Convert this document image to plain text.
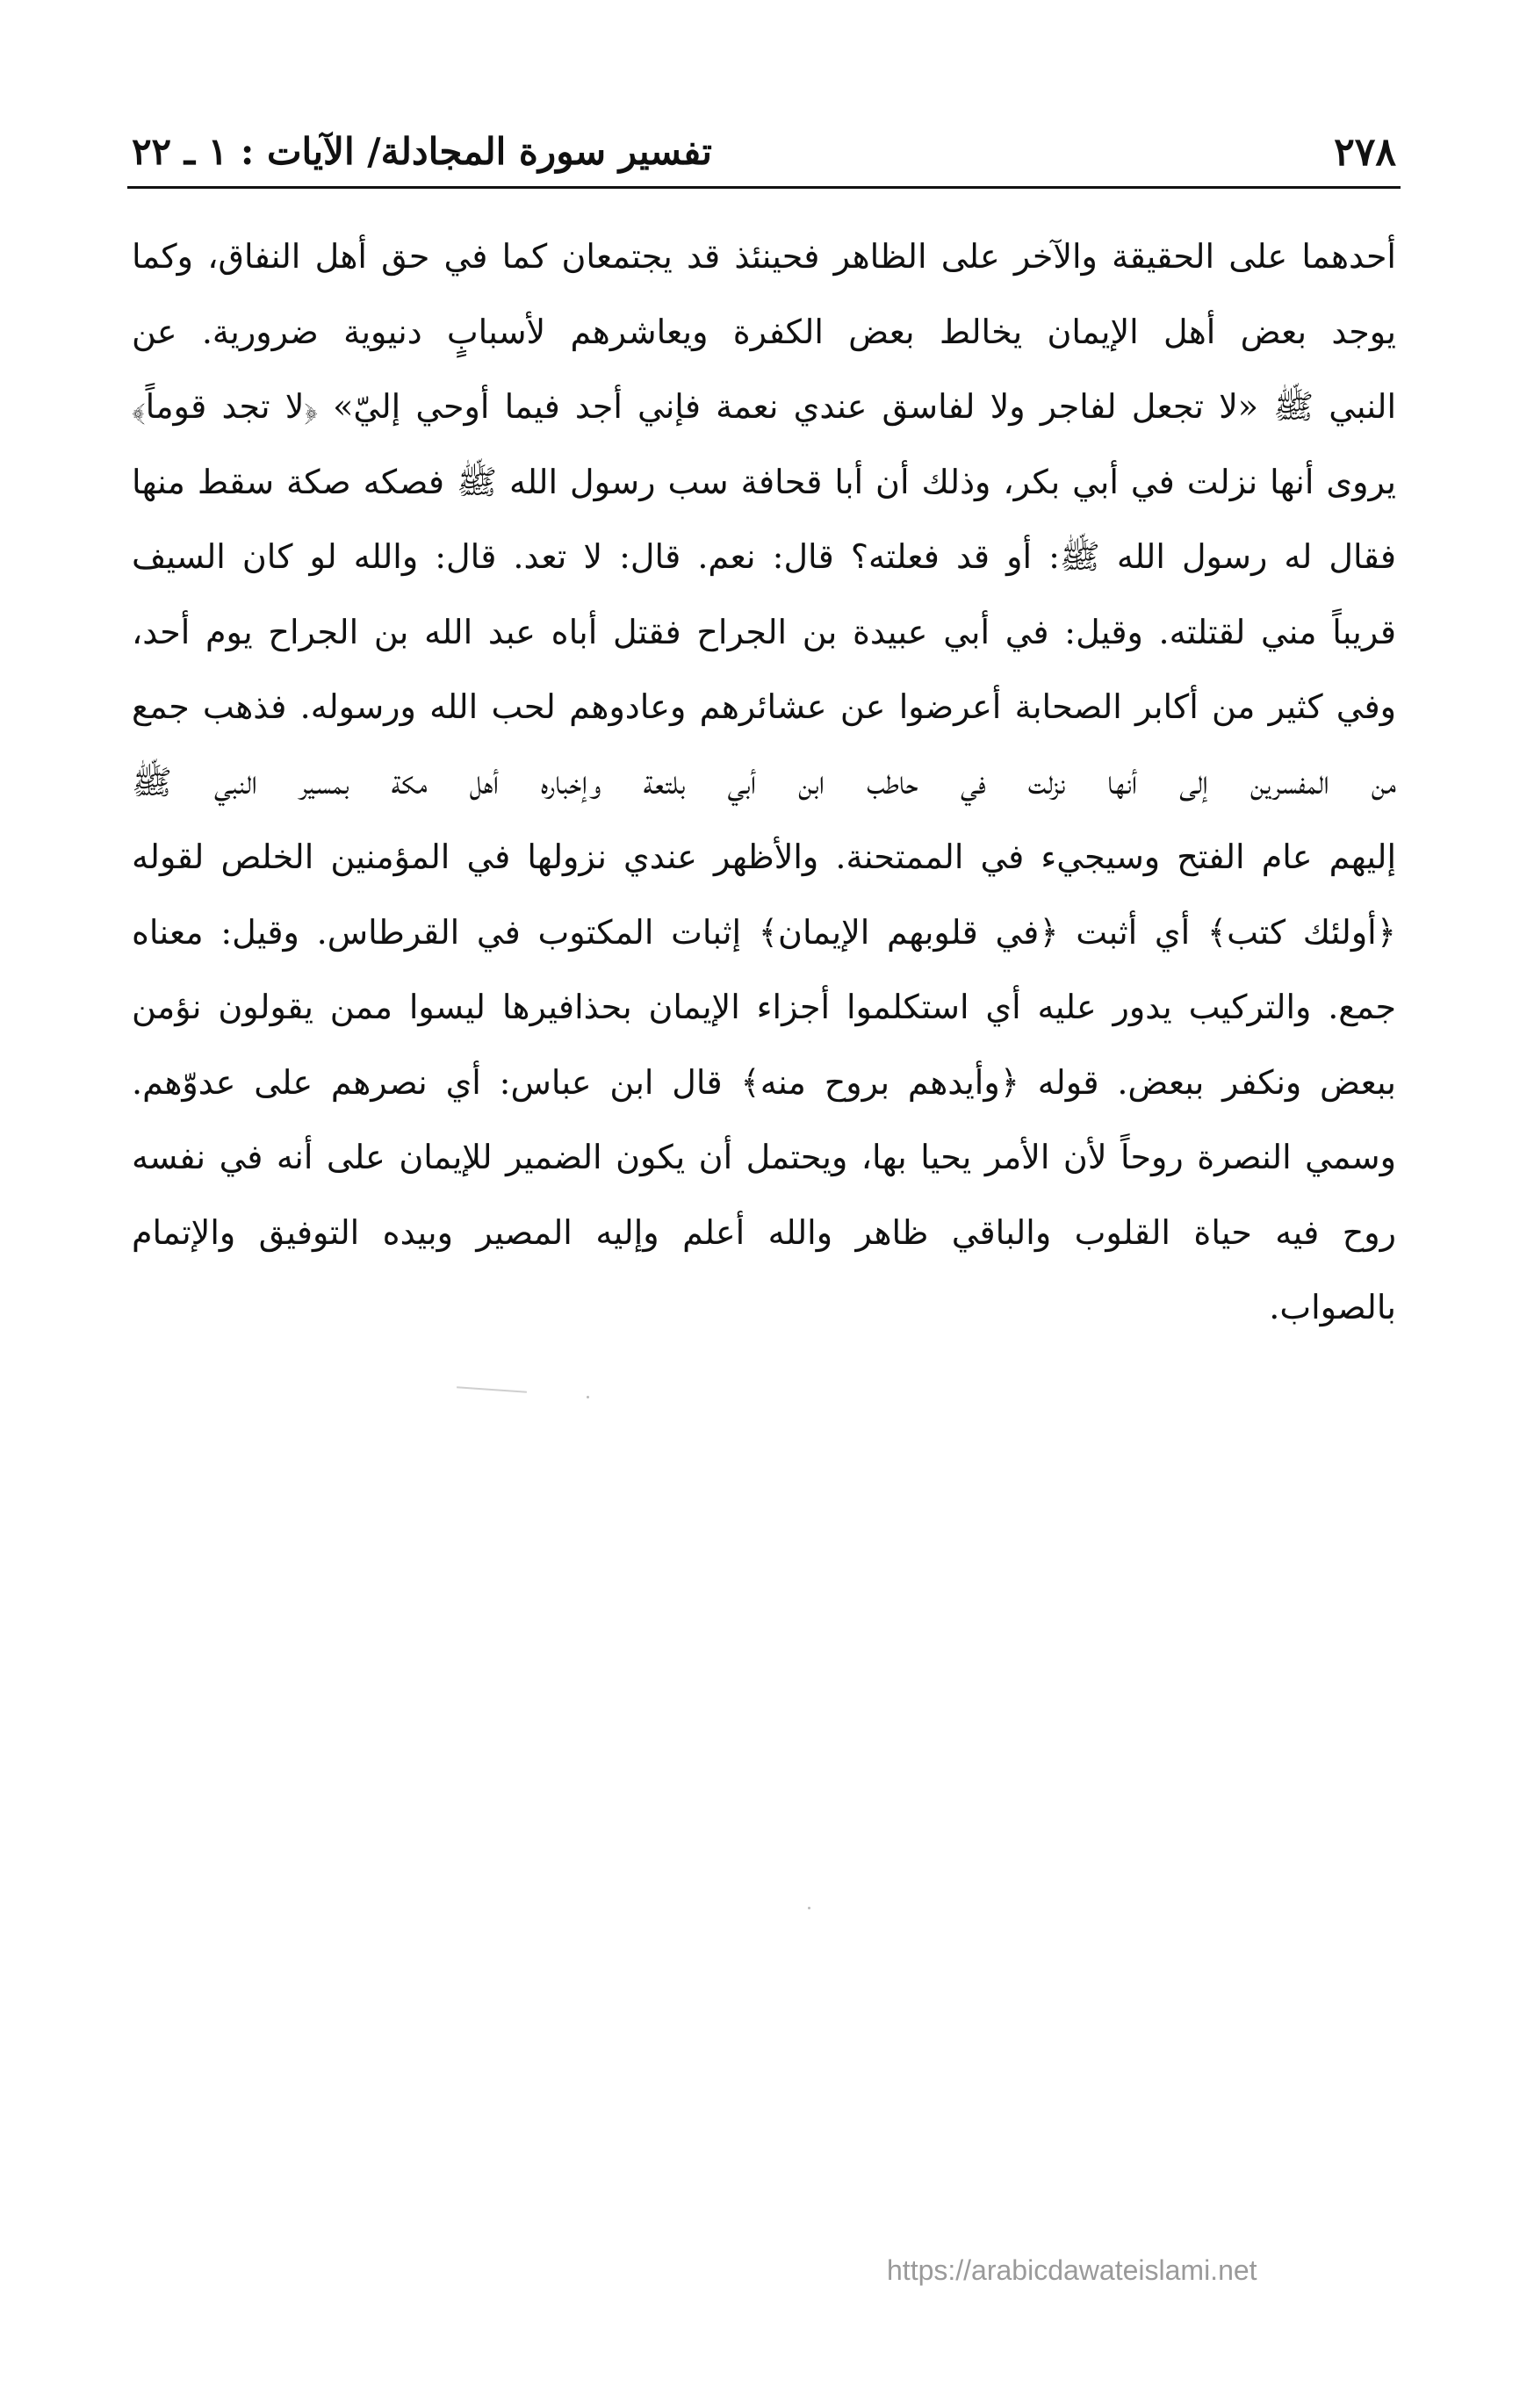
٢٧٨
تفسير سورة المجادلة/ الآيات : ١ ـ ٢٢
أحدهما على الحقيقة والآخر على الظاهر فحينئذ قد يجتمعان كما في حق أهل النفاق، وكما
يوجد بعض أهل الإيمان يخالط بعض الكفرة ويعاشرهم لأسبابٍ دنيوية ضرورية. عن
النبي ﷺ «لا تجعل لفاجر ولا لفاسق عندي نعمة فإني أجد فيما أوحي إليّ» ﴿لا تجد قوماً﴾
يروى أنها نزلت في أبي بكر، وذلك أن أبا قحافة سب رسول الله ﷺ فصكه صكة سقط منها
فقال له رسول الله ﷺ: أو قد فعلته؟ قال: نعم. قال: لا تعد. قال: والله لو كان السيف
قريباً مني لقتلته. وقيل: في أبي عبيدة بن الجراح فقتل أباه عبد الله بن الجراح يوم أحد،
وفي كثير من أكابر الصحابة أعرضوا عن عشائرهم وعادوهم لحب الله ورسوله. فذهب جمع
من المفسرين إلى أنها نزلت في حاطب ابن أبي بلتعة وإخباره أهل مكة بمسير النبي ﷺ
إليهم عام الفتح وسيجيء في الممتحنة. والأظهر عندي نزولها في المؤمنين الخلص لقوله
﴿أولئك كتب﴾ أي أثبت ﴿في قلوبهم الإيمان﴾ إثبات المكتوب في القرطاس. وقيل: معناه
جمع. والتركيب يدور عليه أي استكلموا أجزاء الإيمان بحذافيرها ليسوا ممن يقولون نؤمن
ببعض ونكفر ببعض. قوله ﴿وأيدهم بروح منه﴾ قال ابن عباس: أي نصرهم على عدوّهم.
وسمي النصرة روحاً لأن الأمر يحيا بها، ويحتمل أن يكون الضمير للإيمان على أنه في نفسه
روح فيه حياة القلوب والباقي ظاهر والله أعلم وإليه المصير وبيده التوفيق والإتمام
بالصواب.
https://arabicdawateislami.net
